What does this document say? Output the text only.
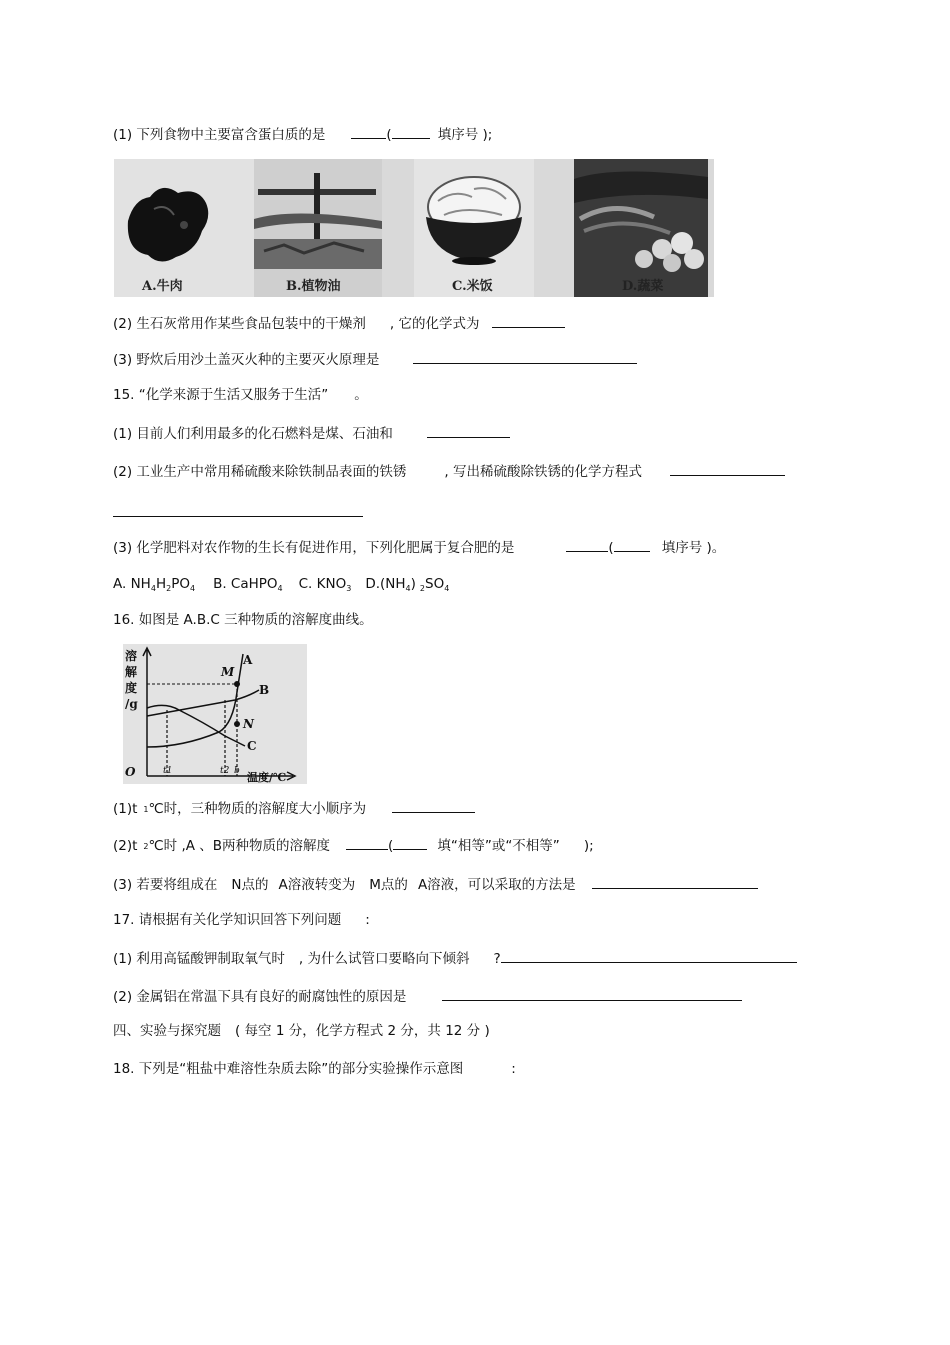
(1) 下列食物中主要富含蛋白质的是	(	填序号 );
A.牛肉	B.植物油	C.米饭	D.蔬菜
(2) 生石灰常用作某些食品包装中的干燥剂 , 它的化学式为
(3) 野炊后用沙土盖灭火种的主要灭火原理是
15. “化学来源于生活又服务于生活” 。
(1) 目前人们利用最多的化石燃料是煤、石油和
(2) 工业生产中常用稀硫酸来除铁制品表面的铁锈	, 写出稀硫酸除铁锈的化学方程式
(3) 化学肥料对农作物的生长有促进作用，下列化肥属于复合肥的是	(	填序号 )。
A. $NH_4H_2PO_4$ B. CaHPO$_4$ C. $KNO_3$ $D.(NH_4)$ $_2SO_4$
16. 如图是 A.B.C 三种物质的溶解度曲线。
溶
解
度
/g
M
N
O
A
B
C
t1	t2 b 温度/℃
(1)t 1℃时，三种物质的溶解度大小顺序为
(2)t 2℃时 ,A 、B两种物质的溶解度	(	填“相等”或“不相等” );
(3) 若要将组成在 N点的 A溶液转变为 M点的 A溶液，可以采取的方法是
17. 请根据有关化学知识回答下列问题 :
(1) 利用高锰酸钾制取氧气时 , 为什么试管口要略向下倾斜 ?
(2) 金属铝在常温下具有良好的耐腐蚀性的原因是
四、实验与探究题 ( 每空 1 分，化学方程式 2 分，共 12 分 )
18. 下列是“粗盐中难溶性杂质去除”的部分实验操作示意图	:
